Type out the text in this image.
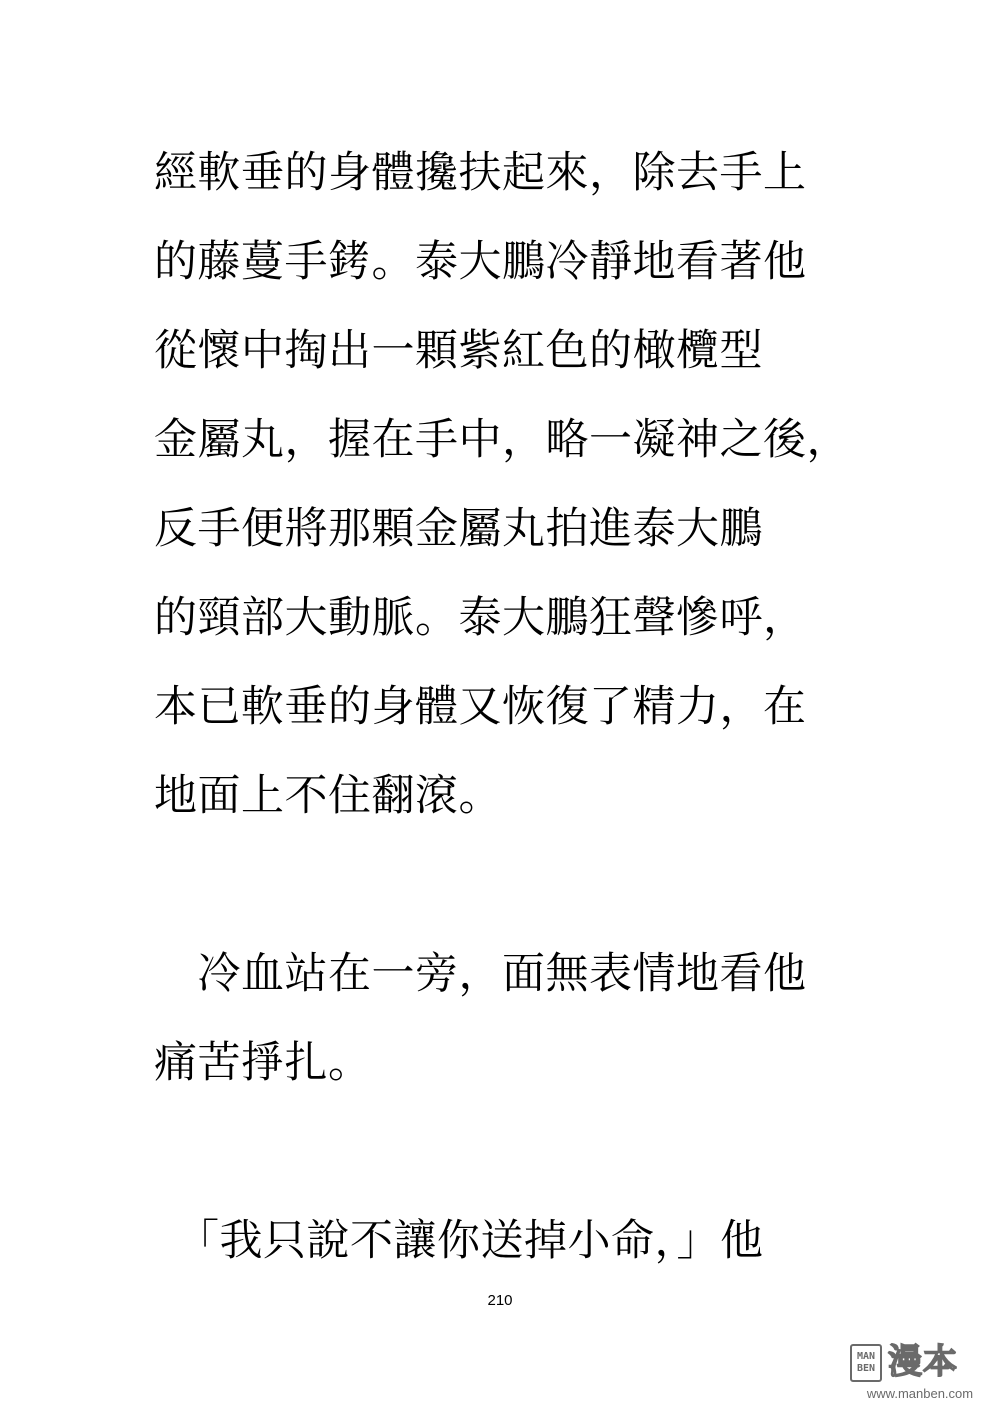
經軟垂的身體攙扶起來，除去手上
的藤蔓手銬。泰大鵬冷靜地看著他
從懷中掏出一顆紫紅色的橄欖型
金屬丸，握在手中，略一凝神之後，
反手便將那顆金屬丸拍進泰大鵬
的頸部大動脈。泰大鵬狂聲慘呼，
本已軟垂的身體又恢復了精力，在
地面上不住翻滾。
　冷血站在一旁，面無表情地看他
痛苦掙扎。
　「我只說不讓你送掉小命，」他
210
MAN
BEN 漫本
www.manben.com
